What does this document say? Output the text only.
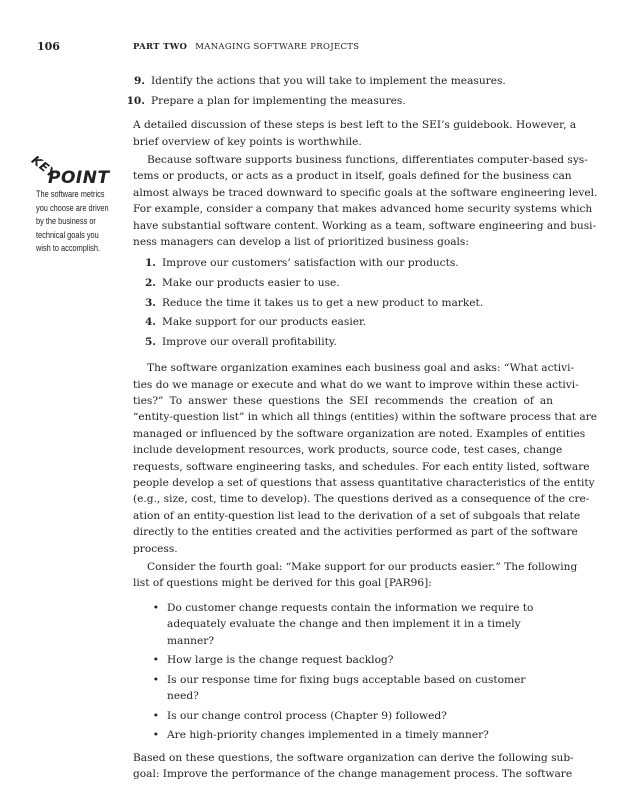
106	PART TWO MANAGING SOFTWARE PROJECTS
KEY
POINT
The software metrics
you choose are driven
by the business or
technical goals you
wish to accomplish.
9. Identify the actions that you will take to implement the measures.
10. Prepare a plan for implementing the measures.
A detailed discussion of these steps is best left to the SEI’s guidebook. However, a
brief overview of key points is worthwhile.
Because software supports business functions, differentiates computer-based sys-
tems or products, or acts as a product in itself, goals defined for the business can
almost always be traced downward to specific goals at the software engineering level.
For example, consider a company that makes advanced home security systems which
have substantial software content. Working as a team, software engineering and busi-
ness managers can develop a list of prioritized business goals:
1. Improve our customers’ satisfaction with our products.
2. Make our products easier to use.
3. Reduce the time it takes us to get a new product to market.
4. Make support for our products easier.
5. Improve our overall profitability.
The software organization examines each business goal and asks: “What activi-
ties do we manage or execute and what do we want to improve within these activi-
ties?” To answer these questions the SEI recommends the creation of an
“entity-question list” in which all things (entities) within the software process that are
managed or influenced by the software organization are noted. Examples of entities
include development resources, work products, source code, test cases, change
requests, software engineering tasks, and schedules. For each entity listed, software
people develop a set of questions that assess quantitative characteristics of the entity
(e.g., size, cost, time to develop). The questions derived as a consequence of the cre-
ation of an entity-question list lead to the derivation of a set of subgoals that relate
directly to the entities created and the activities performed as part of the software
process.
Consider the fourth goal: “Make support for our products easier.” The following
list of questions might be derived for this goal [PAR96]:
• Do customer change requests contain the information we require to adequately evaluate the change and then implement it in a timely manner?
• How large is the change request backlog?
• Is our response time for fixing bugs acceptable based on customer need?
• Is our change control process (Chapter 9) followed?
• Are high-priority changes implemented in a timely manner?
Based on these questions, the software organization can derive the following sub-
goal: Improve the performance of the change management process. The software
